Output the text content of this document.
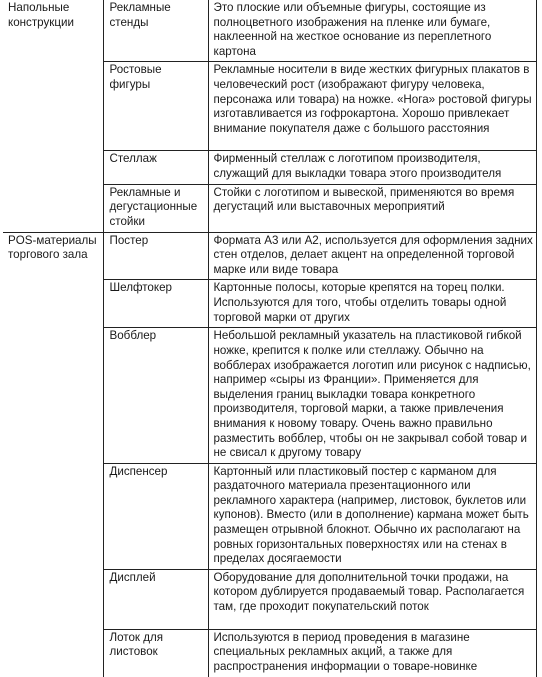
Напольные конструкции	Рекламные стенды	Это плоские или объемные фигуры, состоящие из полноцветного изображения на пленке или бумаге, наклеенной на жесткое основание из переплетного картона
	Ростовые фигуры	Рекламные носители в виде жестких фигурных плакатов в человеческий рост (изображают фигуру человека, персонажа или товара) на ножке. «Нога» ростовой фигуры изготавливается из гофрокартона. Хорошо привлекает внимание покупателя даже с большого расстояния
	Стеллаж	Фирменный стеллаж с логотипом производителя, служащий для выкладки товара этого производителя
	Рекламные и дегустационные стойки	Стойки с логотипом и вывеской, применяются во время дегустаций или выставочных мероприятий
POS-материалы торгового зала	Постер	Формата А3 или А2, используется для оформления задних стен отделов, делает акцент на определенной торговой марке или виде товара
	Шелфтокер	Картонные полосы, которые крепятся на торец полки. Используются для того, чтобы отделить товары одной торговой марки от других
	Вобблер	Небольшой рекламный указатель на пластиковой гибкой ножке, крепится к полке или стеллажу. Обычно на вобблерах изображается логотип или рисунок с надписью, например «сыры из Франции». Применяется для выделения границ выкладки товара конкретного производителя, торговой марки, а также привлечения внимания к новому товару. Очень важно правильно разместить вобблер, чтобы он не закрывал собой товар и не свисал к другому товару
	Диспенсер	Картонный или пластиковый постер с карманом для раздаточного материала презентационного или рекламного характера (например, листовок, буклетов или купонов). Вместо (или в дополнение) кармана может быть размещен отрывной блокнот. Обычно их располагают на ровных горизонтальных поверхностях или на стенах в пределах досягаемости
	Дисплей	Оборудование для дополнительной точки продажи, на котором дублируется продаваемый товар. Располагается там, где проходит покупательский поток
	Лоток для листовок	Используются в период проведения в магазине специальных рекламных акций, а также для распространения информации о товаре-новинке
